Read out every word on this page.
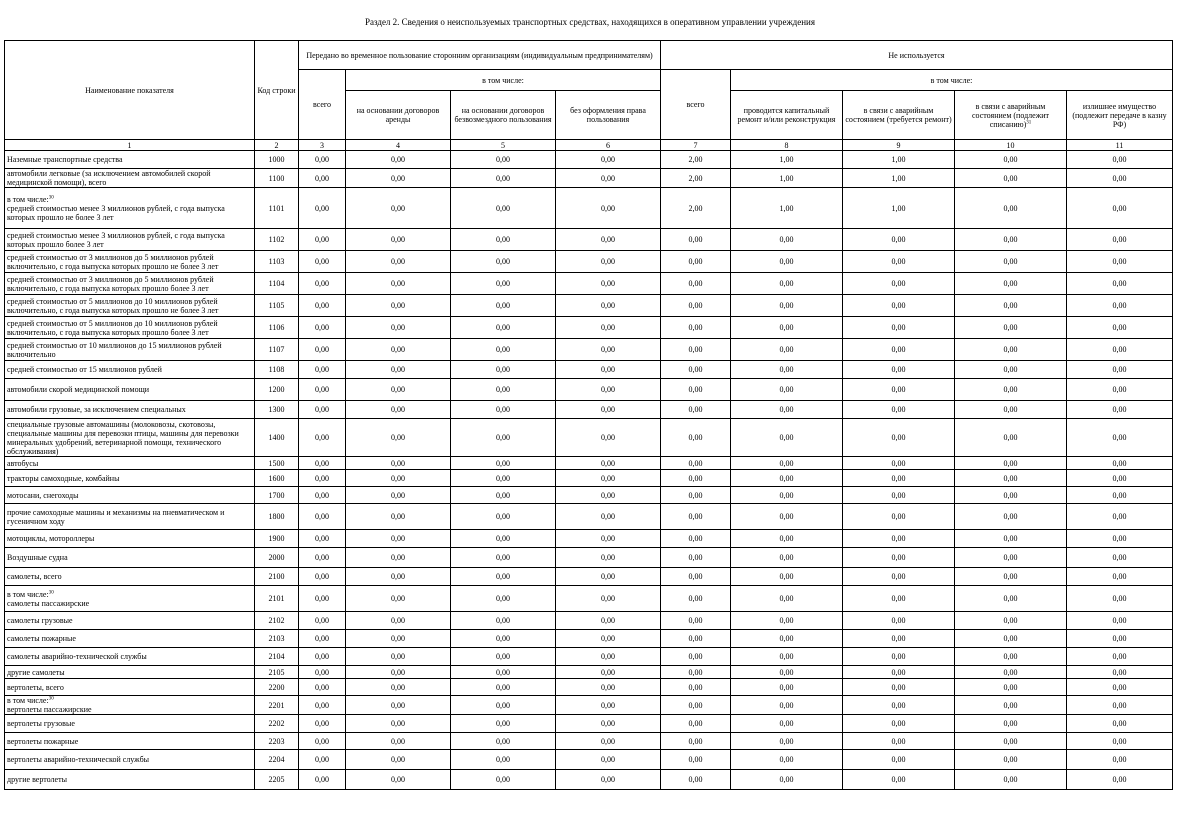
Раздел 2. Сведения о неиспользуемых транспортных средствах, находящихся в оперативном управлении учреждения
Наименование показателя	Код строки	Передано во временное пользование сторонним организациям (индивидуальным предпринимателям)				Не используется				
		всего	в том числе:			всего	в том числе:			
			на основании договоров аренды	на основании договоров безвозмездного пользования	без оформления права пользования		проводится капитальный ремонт и/или реконструкция	в связи с аварийным состоянием (требуется ремонт)	в связи с аварийным состоянием (подлежит списанию)$^{31}$	излишнее имущество (подлежит передаче в казну РФ)
1	2	3	4	5	6	7	8	9	10	11
Наземные транспортные средства	1000	0,00	0,00	0,00	0,00	2,00	1,00	1,00	0,00	0,00
автомобили легковые (за исключением автомобилей скорой медицинской помощи), всего	1100	0,00	0,00	0,00	0,00	2,00	1,00	1,00	0,00	0,00
в том числе:$^{30}$
средней стоимостью менее 3 миллионов рублей, с года выпуска которых прошло не более 3 лет	1101	0,00	0,00	0,00	0,00	2,00	1,00	1,00	0,00	0,00
средней стоимостью менее 3 миллионов рублей, с года выпуска которых прошло более 3 лет	1102	0,00	0,00	0,00	0,00	0,00	0,00	0,00	0,00	0,00
средней стоимостью от 3 миллионов до 5 миллионов рублей включительно, с года выпуска которых прошло не более 3 лет	1103	0,00	0,00	0,00	0,00	0,00	0,00	0,00	0,00	0,00
средней стоимостью от 3 миллионов до 5 миллионов рублей включительно, с года выпуска которых прошло более 3 лет	1104	0,00	0,00	0,00	0,00	0,00	0,00	0,00	0,00	0,00
средней стоимостью от 5 миллионов до 10 миллионов рублей включительно, с года выпуска которых прошло не более 3 лет	1105	0,00	0,00	0,00	0,00	0,00	0,00	0,00	0,00	0,00
средней стоимостью от 5 миллионов до 10 миллионов рублей включительно, с года выпуска которых прошло более 3 лет	1106	0,00	0,00	0,00	0,00	0,00	0,00	0,00	0,00	0,00
средней стоимостью от 10 миллионов до 15 миллионов рублей включительно	1107	0,00	0,00	0,00	0,00	0,00	0,00	0,00	0,00	0,00
средней стоимостью от 15 миллионов рублей	1108	0,00	0,00	0,00	0,00	0,00	0,00	0,00	0,00	0,00
автомобили скорой медицинской помощи	1200	0,00	0,00	0,00	0,00	0,00	0,00	0,00	0,00	0,00
автомобили грузовые, за исключением специальных	1300	0,00	0,00	0,00	0,00	0,00	0,00	0,00	0,00	0,00
специальные грузовые автомашины (молоковозы, скотовозы, специальные машины для перевозки птицы, машины для перевозки минеральных удобрений, ветеринарной помощи, технического обслуживания)	1400	0,00	0,00	0,00	0,00	0,00	0,00	0,00	0,00	0,00
автобусы	1500	0,00	0,00	0,00	0,00	0,00	0,00	0,00	0,00	0,00
тракторы самоходные, комбайны	1600	0,00	0,00	0,00	0,00	0,00	0,00	0,00	0,00	0,00
мотосани, снегоходы	1700	0,00	0,00	0,00	0,00	0,00	0,00	0,00	0,00	0,00
прочие самоходные машины и механизмы на пневматическом и гусеничном ходу	1800	0,00	0,00	0,00	0,00	0,00	0,00	0,00	0,00	0,00
мотоциклы, мотороллеры	1900	0,00	0,00	0,00	0,00	0,00	0,00	0,00	0,00	0,00
Воздушные судна	2000	0,00	0,00	0,00	0,00	0,00	0,00	0,00	0,00	0,00
самолеты, всего	2100	0,00	0,00	0,00	0,00	0,00	0,00	0,00	0,00	0,00
в том числе:$^{30}$
самолеты пассажирские	2101	0,00	0,00	0,00	0,00	0,00	0,00	0,00	0,00	0,00
самолеты грузовые	2102	0,00	0,00	0,00	0,00	0,00	0,00	0,00	0,00	0,00
самолеты пожарные	2103	0,00	0,00	0,00	0,00	0,00	0,00	0,00	0,00	0,00
самолеты аварийно-технической службы	2104	0,00	0,00	0,00	0,00	0,00	0,00	0,00	0,00	0,00
другие самолеты	2105	0,00	0,00	0,00	0,00	0,00	0,00	0,00	0,00	0,00
вертолеты, всего	2200	0,00	0,00	0,00	0,00	0,00	0,00	0,00	0,00	0,00
в том числе:$^{30}$
вертолеты пассажирские	2201	0,00	0,00	0,00	0,00	0,00	0,00	0,00	0,00	0,00
вертолеты грузовые	2202	0,00	0,00	0,00	0,00	0,00	0,00	0,00	0,00	0,00
вертолеты пожарные	2203	0,00	0,00	0,00	0,00	0,00	0,00	0,00	0,00	0,00
вертолеты аварийно-технической службы	2204	0,00	0,00	0,00	0,00	0,00	0,00	0,00	0,00	0,00
другие вертолеты	2205	0,00	0,00	0,00	0,00	0,00	0,00	0,00	0,00	0,00
